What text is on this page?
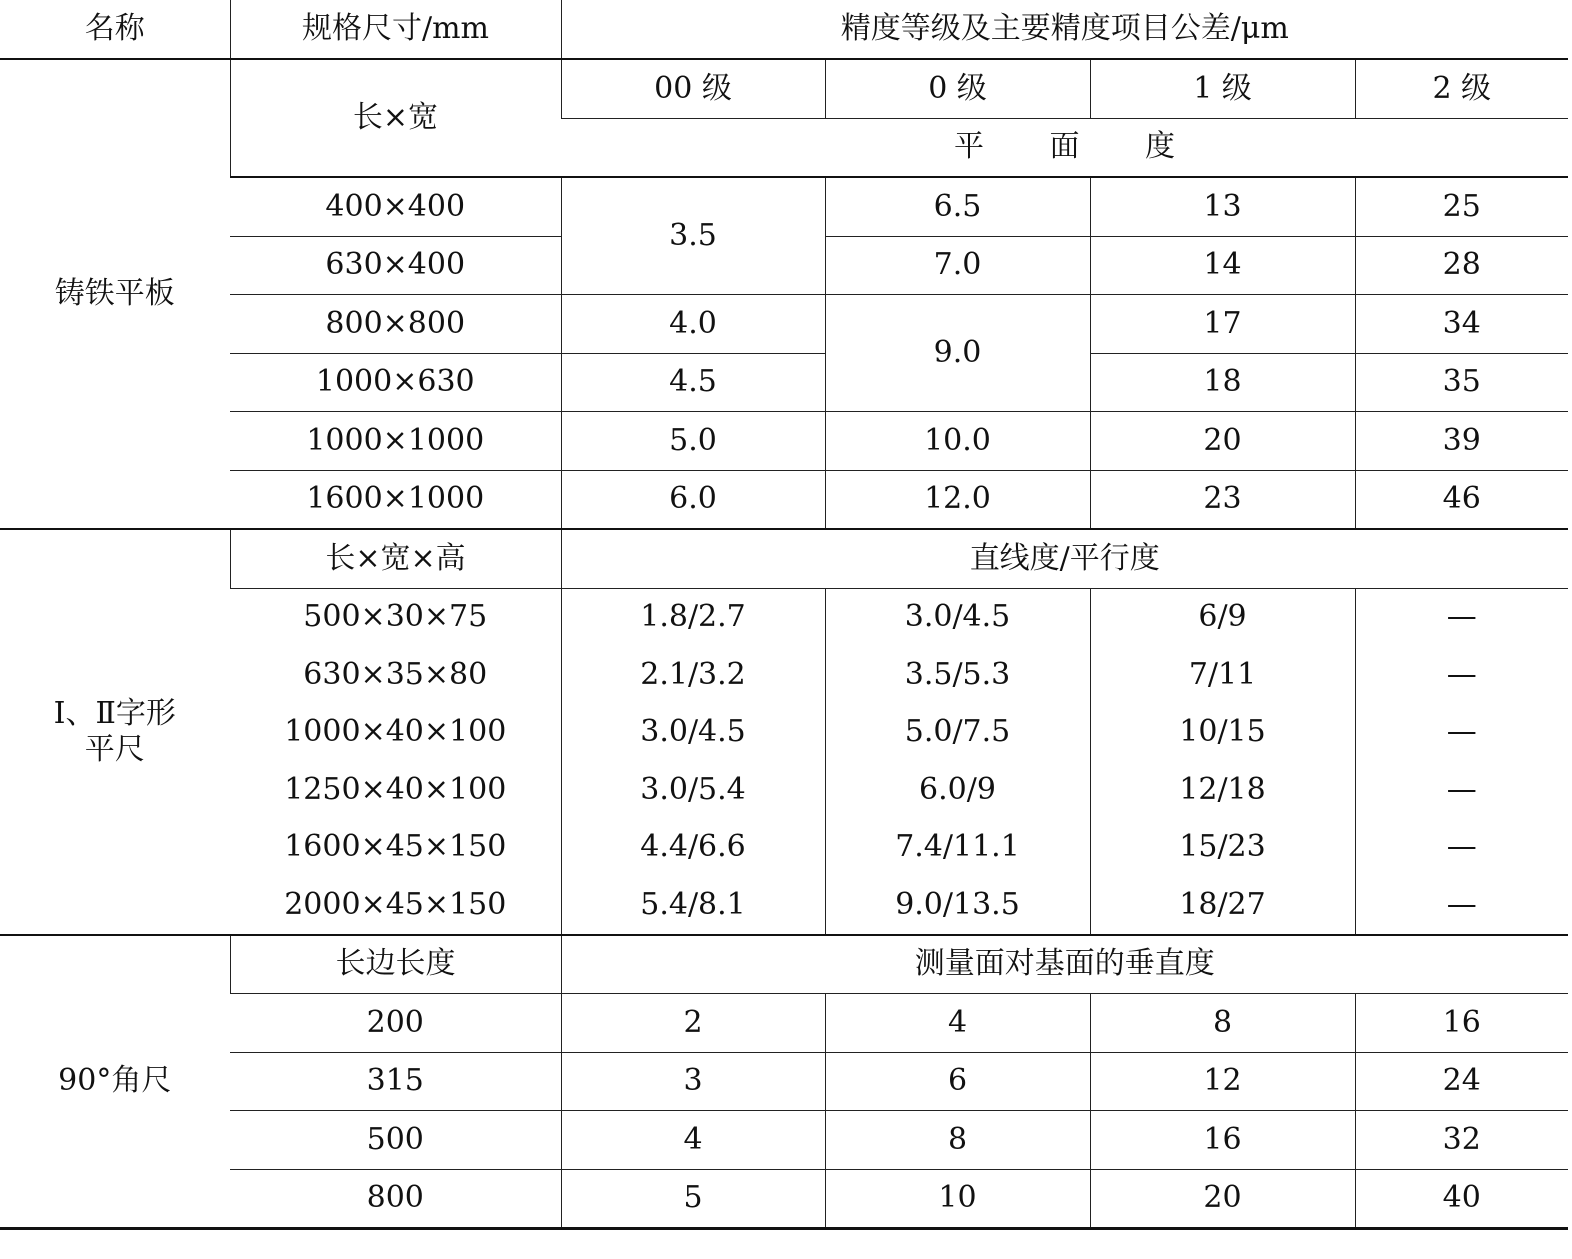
名称	规格尺寸/mm	精度等级及主要精度项目公差/μm			
铸铁平板	长×宽	00 级	0 级	1 级	2 级
		平 面 度			
	400×400	3.5	6.5	13	25
	630×400		7.0	14	28
	800×800	4.0	9.0	17	34
	1000×630	4.5		18	35
	1000×1000	5.0	10.0	20	39
	1600×1000	6.0	12.0	23	46

Ⅰ、Ⅱ字形
平尺	长×宽×高	直线度/平行度			
	500×30×75	1.8/2.7	3.0/4.5	6/9	—
	630×35×80	2.1/3.2	3.5/5.3	7/11	—
	1000×40×100	3.0/4.5	5.0/7.5	10/15	—
	1250×40×100	3.0/5.4	6.0/9	12/18	—
	1600×45×150	4.4/6.6	7.4/11.1	15/23	—
	2000×45×150	5.4/8.1	9.0/13.5	18/27	—
90°角尺	长边长度	测量面对基面的垂直度			
	200	2	4	8	16
	315	3	6	12	24
	500	4	8	16	32
	800	5	10	20	40
